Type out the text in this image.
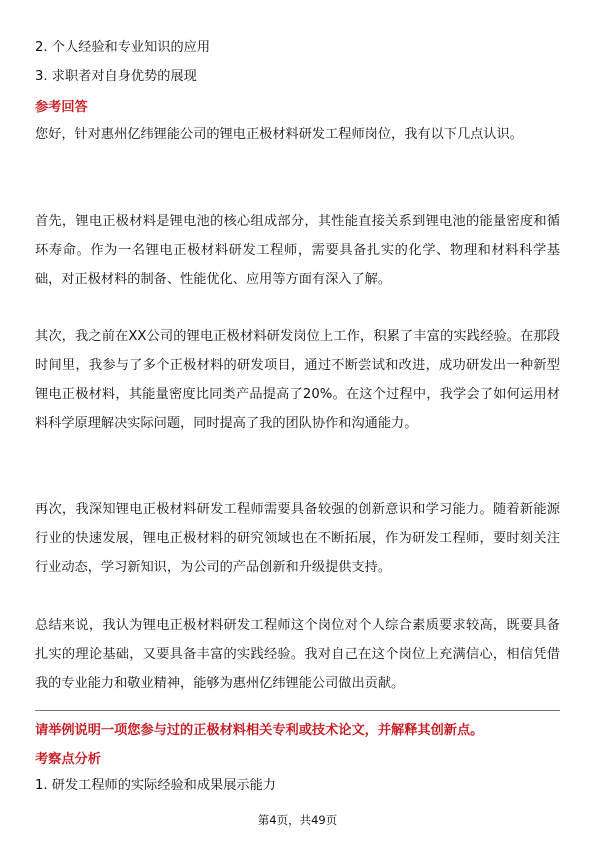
2. 个人经验和专业知识的应用
3. 求职者对自身优势的展现
参考回答
您好，针对惠州亿纬锂能公司的锂电正极材料研发工程师岗位，我有以下几点认识。
首先，锂电正极材料是锂电池的核心组成部分，其性能直接关系到锂电池的能量密度和循环寿命。作为一名锂电正极材料研发工程师，需要具备扎实的化学、物理和材料科学基础，对正极材料的制备、性能优化、应用等方面有深入了解。
其次，我之前在XX公司的锂电正极材料研发岗位上工作，积累了丰富的实践经验。在那段时间里，我参与了多个正极材料的研发项目，通过不断尝试和改进，成功研发出一种新型锂电正极材料，其能量密度比同类产品提高了20%。在这个过程中，我学会了如何运用材料科学原理解决实际问题，同时提高了我的团队协作和沟通能力。
再次，我深知锂电正极材料研发工程师需要具备较强的创新意识和学习能力。随着新能源行业的快速发展，锂电正极材料的研究领域也在不断拓展，作为研发工程师，要时刻关注行业动态，学习新知识，为公司的产品创新和升级提供支持。
总结来说，我认为锂电正极材料研发工程师这个岗位对个人综合素质要求较高，既要具备扎实的理论基础，又要具备丰富的实践经验。我对自己在这个岗位上充满信心，相信凭借我的专业能力和敬业精神，能够为惠州亿纬锂能公司做出贡献。
请举例说明一项您参与过的正极材料相关专利或技术论文，并解释其创新点。
考察点分析
1. 研发工程师的实际经验和成果展示能力
第4页，共49页
